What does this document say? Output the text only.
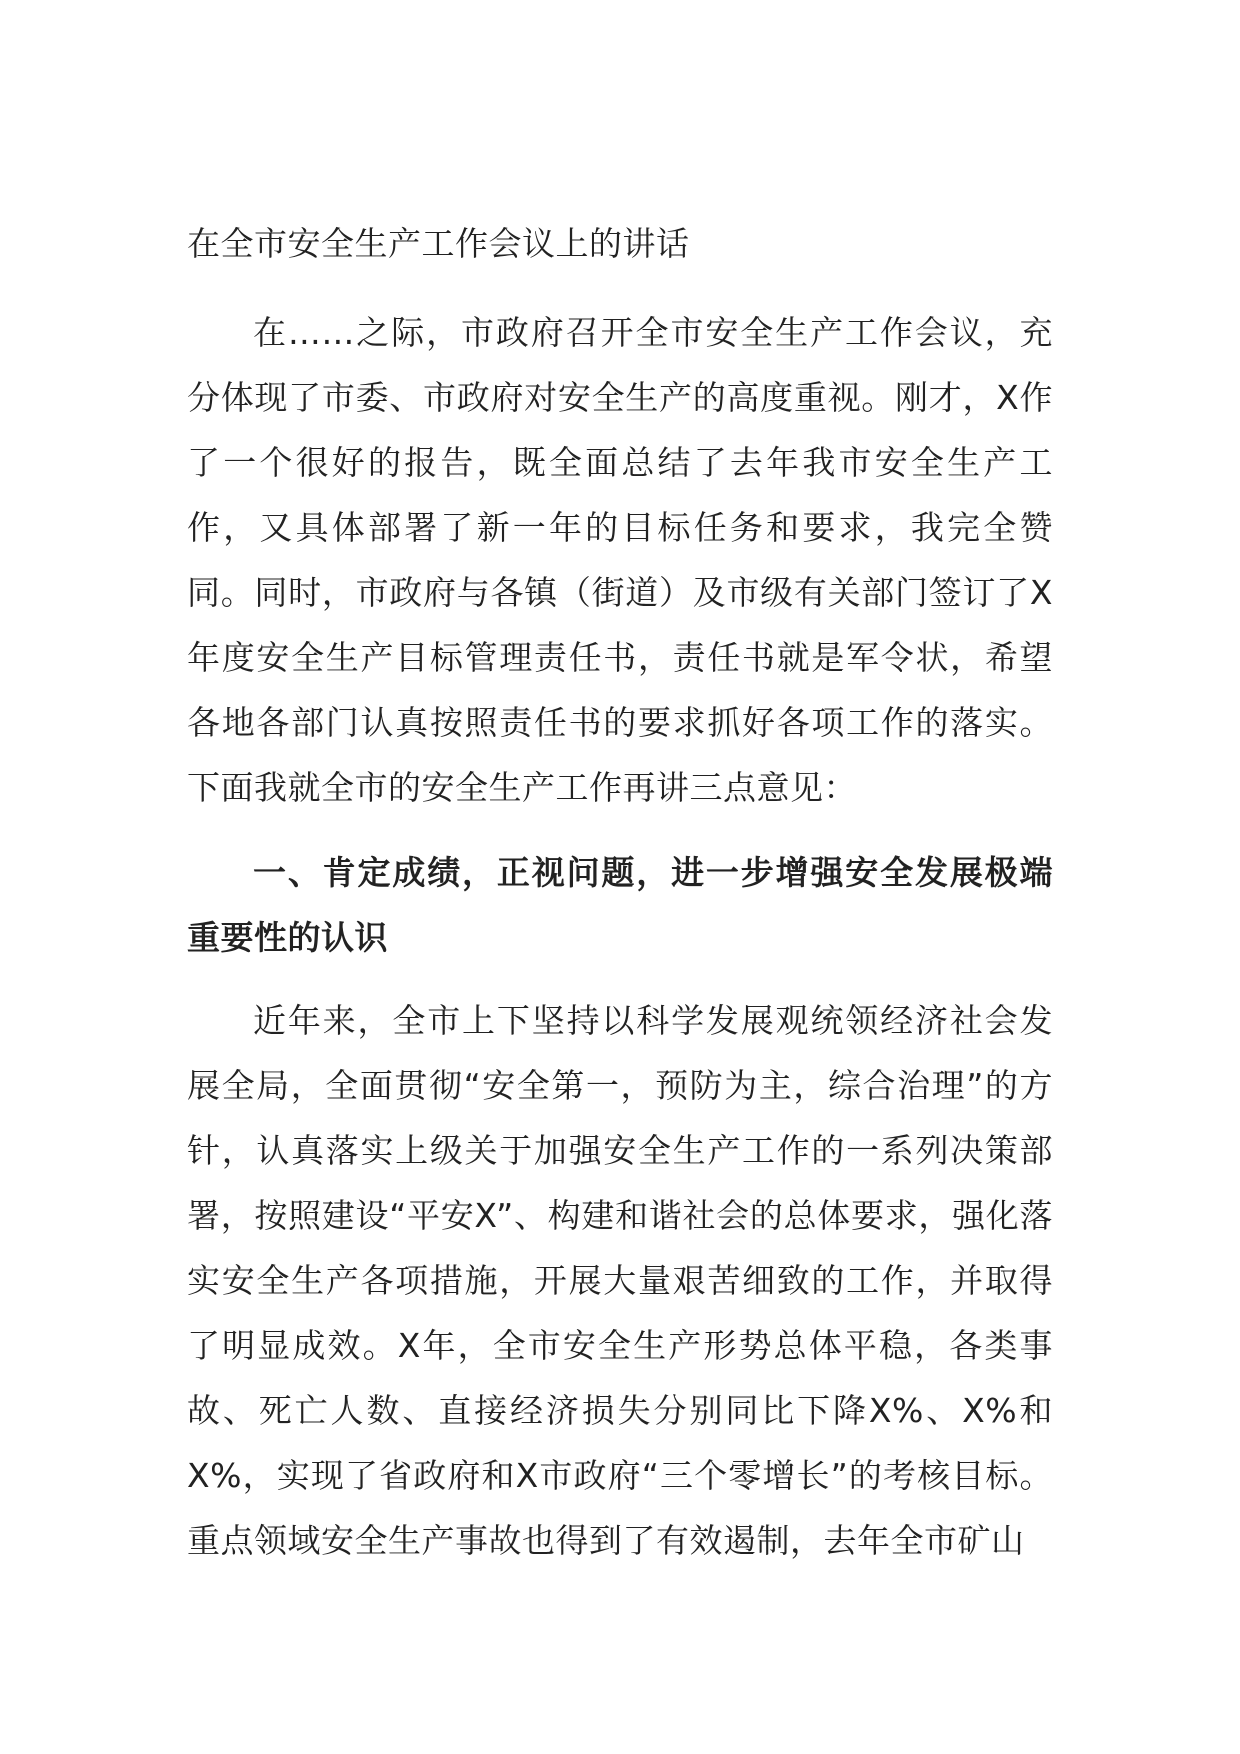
在全市安全生产工作会议上的讲话

在……之际，市政府召开全市安全生产工作会议，充分体现了市委、市政府对安全生产的高度重视。刚才，X作了一个很好的报告，既全面总结了去年我市安全生产工作，又具体部署了新一年的目标任务和要求，我完全赞同。同时，市政府与各镇（街道）及市级有关部门签订了X年度安全生产目标管理责任书，责任书就是军令状，希望各地各部门认真按照责任书的要求抓好各项工作的落实。下面我就全市的安全生产工作再讲三点意见：

一、肯定成绩，正视问题，进一步增强安全发展极端重要性的认识

近年来，全市上下坚持以科学发展观统领经济社会发展全局，全面贯彻“安全第一，预防为主，综合治理”的方针，认真落实上级关于加强安全生产工作的一系列决策部署，按照建设“平安X”、构建和谐社会的总体要求，强化落实安全生产各项措施，开展大量艰苦细致的工作，并取得了明显成效。X年，全市安全生产形势总体平稳，各类事故、死亡人数、直接经济损失分别同比下降X%、X%和X%，实现了省政府和X市政府“三个零增长”的考核目标。重点领域安全生产事故也得到了有效遏制，去年全市矿山
